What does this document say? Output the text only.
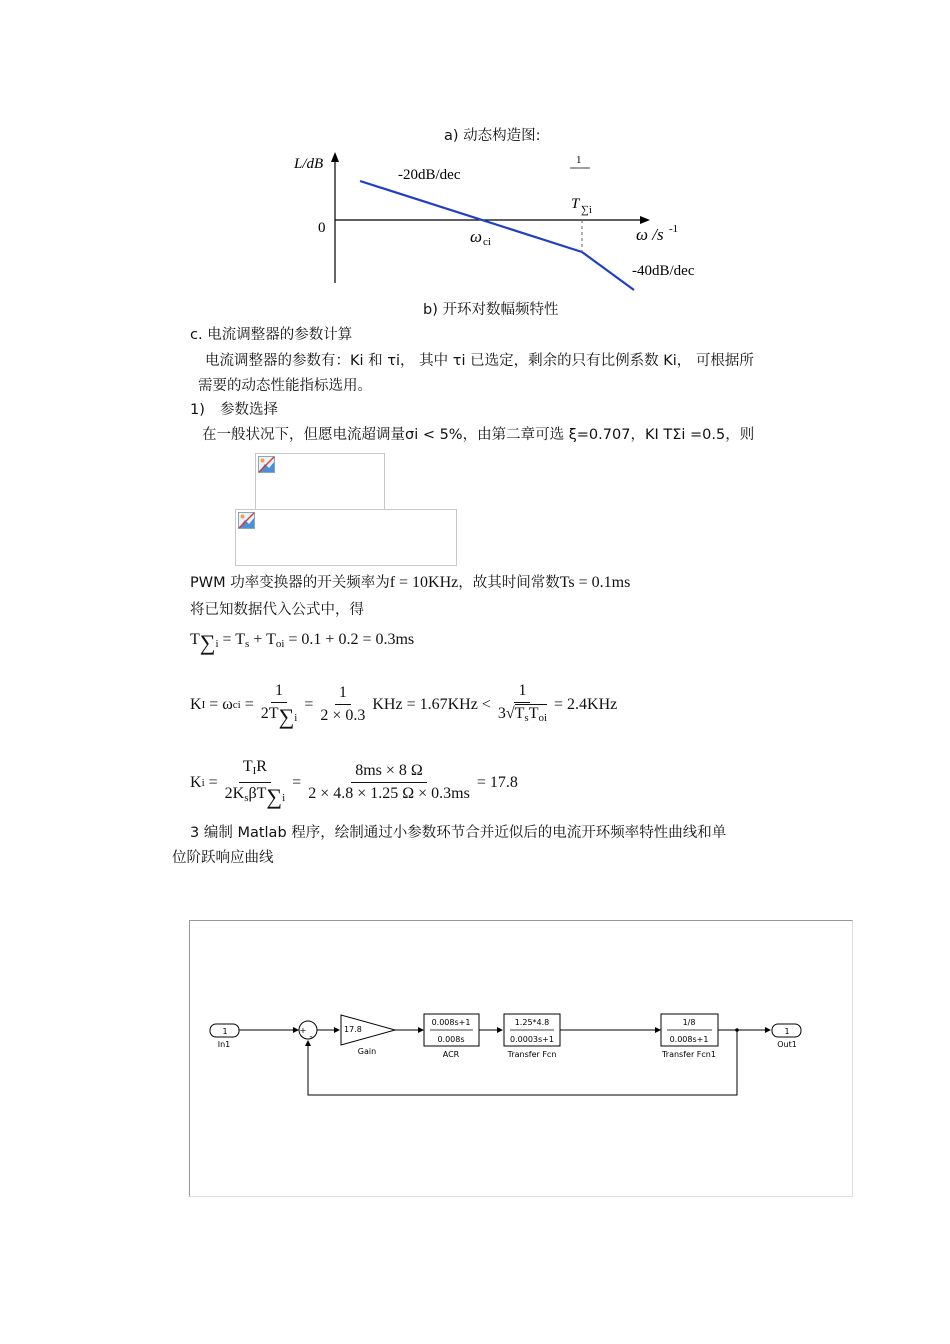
a) 动态构造图:
L/dB
0
-20dB/dec
-40dB/dec
ω ci
1
T ∑i
ω /s -1
b) 开环对数幅频特性
c. 电流调整器的参数计算
电流调整器的参数有：Ki 和 τi， 其中 τi 已选定，剩余的只有比例系数 Ki， 可根据所
需要的动态性能指标选用。
1) 参数选择
在一般状况下，但愿电流超调量σi < 5%，由第二章可选 ξ=0.707，KI TΣi =0.5，则
PWM 功率变换器的开关频率为f = 10KHz，故其时间常数Ts = 0.1ms
将已知数据代入公式中，得
$T\sum_i = T_s + T_{oi} = 0.1 + 0.2 = 0.3ms$
K I
= ω ci = $\frac{1}{2T\sum_i} = \frac{1}{2 \times 0.3}$ KHz = $1.67KHz < \frac{1}{3√T_sT_{oi}} = 2.4KHz$
K $i = \frac{T_IR}{2K_s\beta T\sum_i} = \frac{8ms \times 8 \Omega}{2 \times 4.8 \times 1.25 \Omega \times 0.3ms} = 17.8$
3 编制 Matlab 程序，绘制通过小参数环节合并近似后的电流开环频率特性曲线和单
位阶跃响应曲线
1
In1
+
-
17.8
Gain
0.008s+1
0.008s
ACR
1.25*4.8
0.0003s+1
Transfer Fcn
1/8
0.008s+1
Transfer Fcn1
1
Out1
